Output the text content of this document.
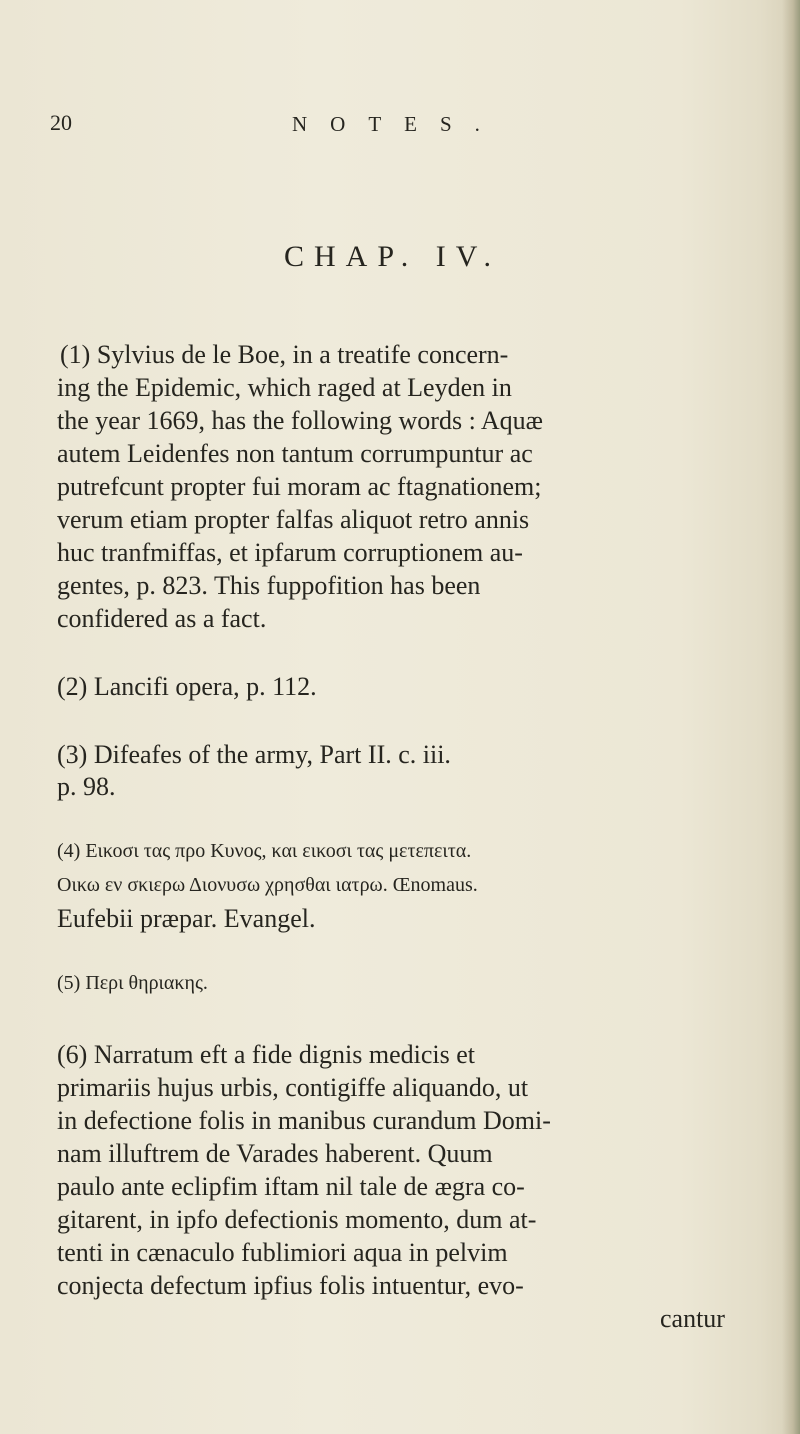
20	NOTES.
CHAP. IV.
(1) Sylvius de le Boe, in a treatife concern-
ing the Epidemic, which raged at Leyden in
the year 1669, has the following words : Aquæ
autem Leidenfes non tantum corrumpuntur ac
putrefcunt propter fui moram ac ftagnationem;
verum etiam propter falfas aliquot retro annis
huc tranfmiffas, et ipfarum corruptionem au-
gentes, p. 823. This fuppofition has been
confidered as a fact.
(2) Lancifi opera, p. 112.
(3) Difeafes of the army, Part II. c. iii.
p. 98.
(4) Εικοσι τας προ Κυνος, και εικοσι τας μετεπειτα.
Οικω εν σκιερω Διονυσω χρησθαι ιατρω. Œnomaus.
Eufebii præpar. Evangel.
(5) Περι θηριακης.
(6) Narratum eft a fide dignis medicis et
primariis hujus urbis, contigiffe aliquando, ut
in defectione folis in manibus curandum Domi-
nam illuftrem de Varades haberent. Quum
paulo ante eclipfim iftam nil tale de ægra co-
gitarent, in ipfo defectionis momento, dum at-
tenti in cænaculo fublimiori aqua in pelvim
conjecta defectum ipfius folis intuentur, evo-
cantur
